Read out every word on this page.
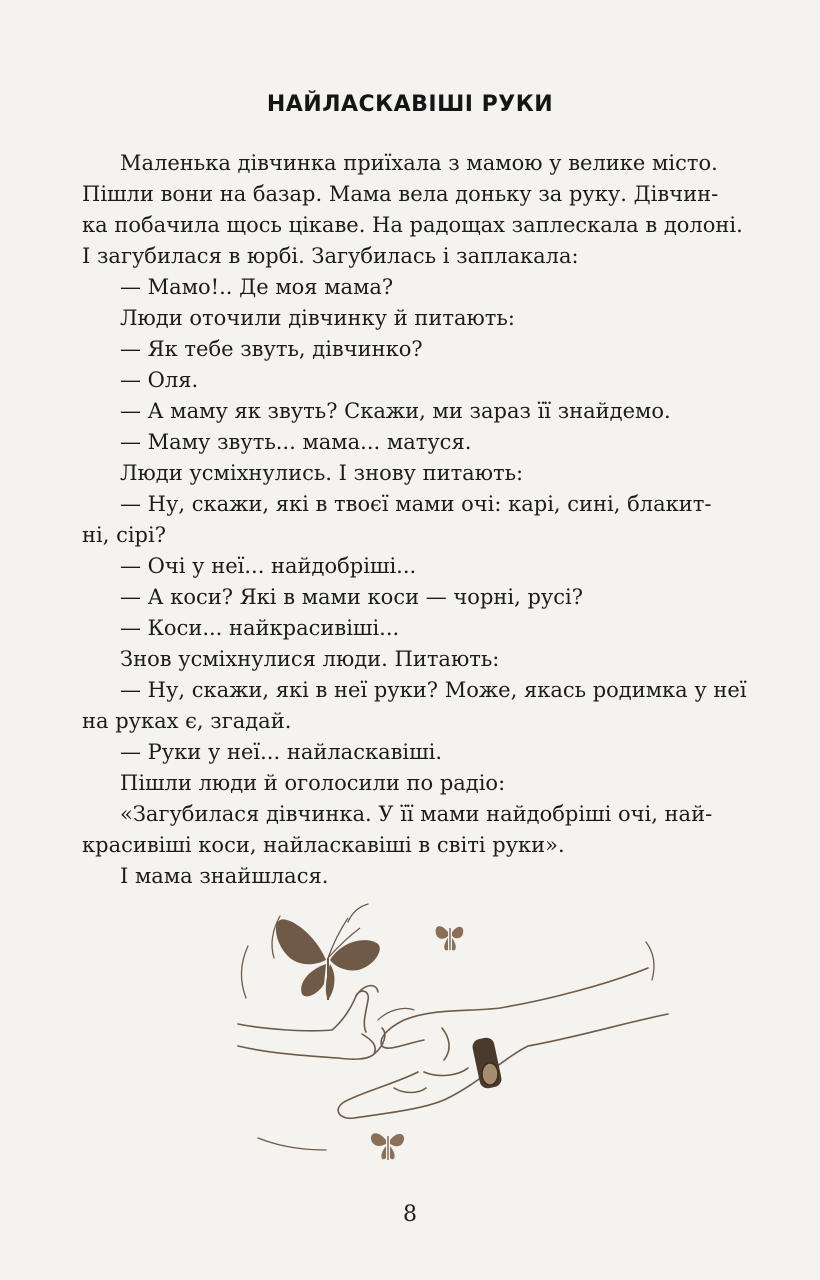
НАЙЛАСКАВІШІ РУКИ
Маленька дівчинка приїхала з мамою у велике місто.
Пішли вони на базар. Мама вела доньку за руку. Дівчин-
ка побачила щось цікаве. На радощах заплескала в долоні.
І загубилася в юрбі. Загубилась і заплакала:
— Мамо!.. Де моя мама?
Люди оточили дівчинку й питають:
— Як тебе звуть, дівчинко?
— Оля.
— А маму як звуть? Скажи, ми зараз її знайдемо.
— Маму звуть... мама... матуся.
Люди усміхнулись. І знову питають:
— Ну, скажи, які в твоєї мами очі: карі, сині, блакит-
ні, сірі?
— Очі у неї... найдобріші...
— А коси? Які в мами коси — чорні, русі?
— Коси... найкрасивіші...
Знов усміхнулися люди. Питають:
— Ну, скажи, які в неї руки? Може, якась родимка у неї
на руках є, згадай.
— Руки у неї... найласкавіші.
Пішли люди й оголосили по радіо:
«Загубилася дівчинка. У її мами найдобріші очі, най-
красивіші коси, найласкавіші в світі руки».
І мама знайшлася.
8
